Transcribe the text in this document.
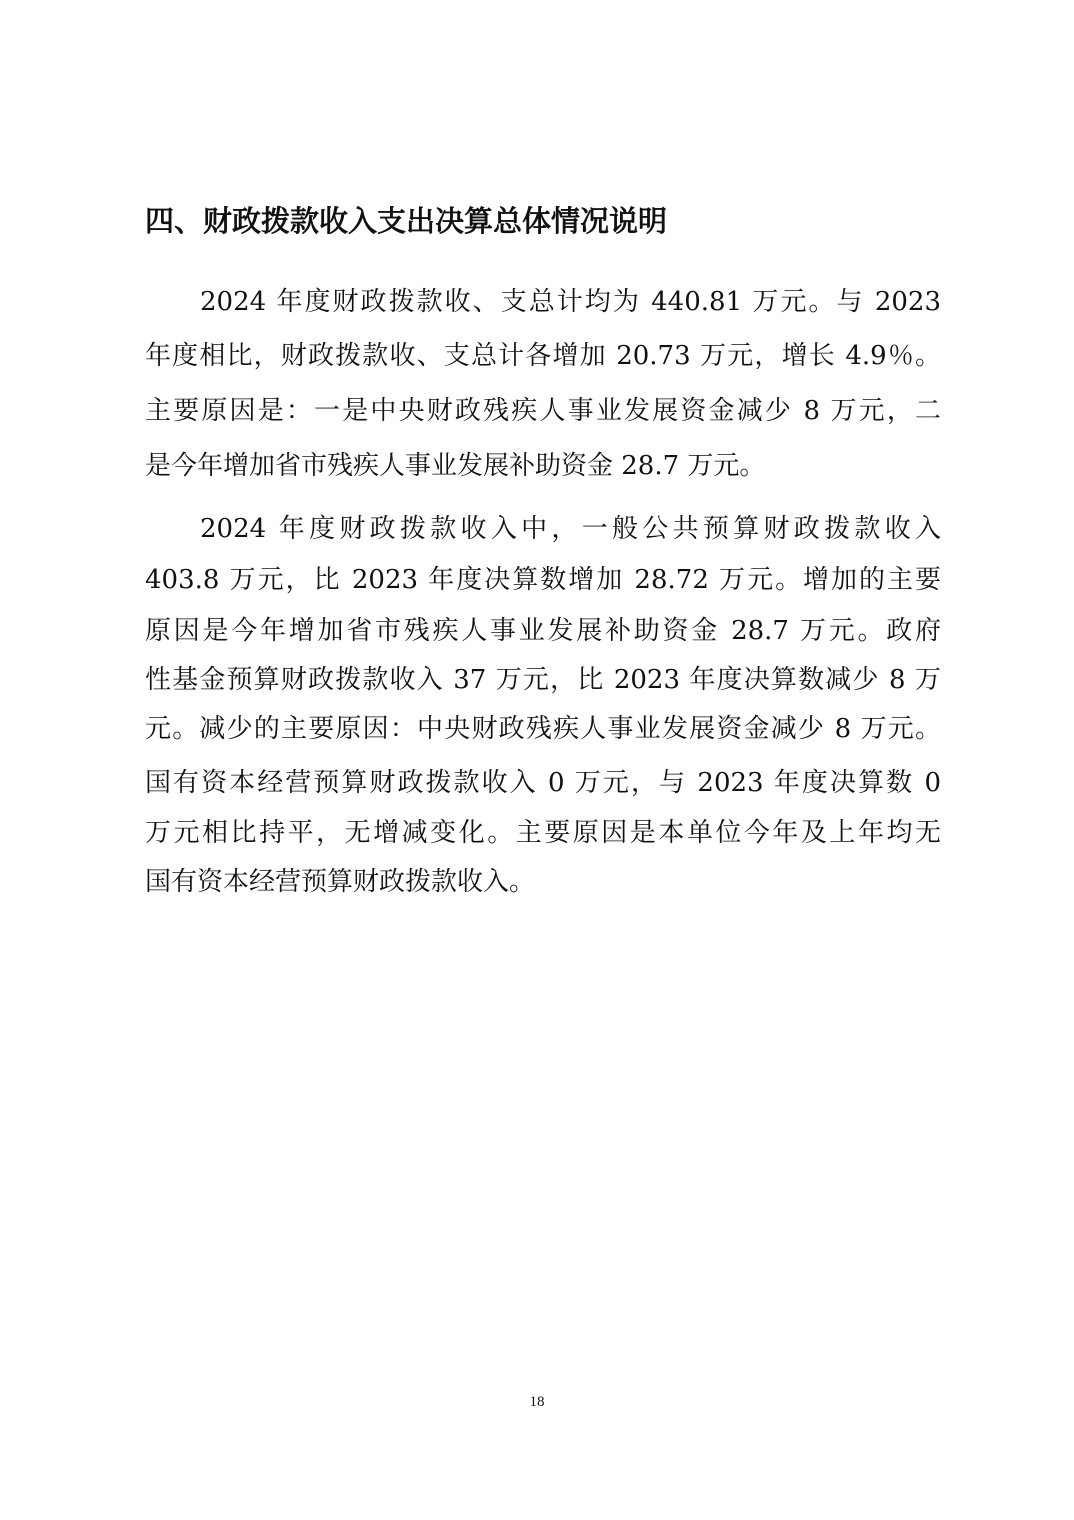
四、财政拨款收入支出决算总体情况说明
2024 年度财政拨款收、支总计均为 440.81 万元。与 2023
年度相比，财政拨款收、支总计各增加 20.73 万元，增长 4.9％。
主要原因是：一是中央财政残疾人事业发展资金减少 8 万元，二
是今年增加省市残疾人事业发展补助资金 28.7 万元。
2024 年度财政拨款收入中，一般公共预算财政拨款收入
403.8 万元，比 2023 年度决算数增加 28.72 万元。增加的主要
原因是今年增加省市残疾人事业发展补助资金 28.7 万元。政府
性基金预算财政拨款收入 37 万元，比 2023 年度决算数减少 8 万
元。减少的主要原因：中央财政残疾人事业发展资金减少 8 万元。
国有资本经营预算财政拨款收入 0 万元，与 2023 年度决算数 0
万元相比持平，无增减变化。主要原因是本单位今年及上年均无
国有资本经营预算财政拨款收入。
18
